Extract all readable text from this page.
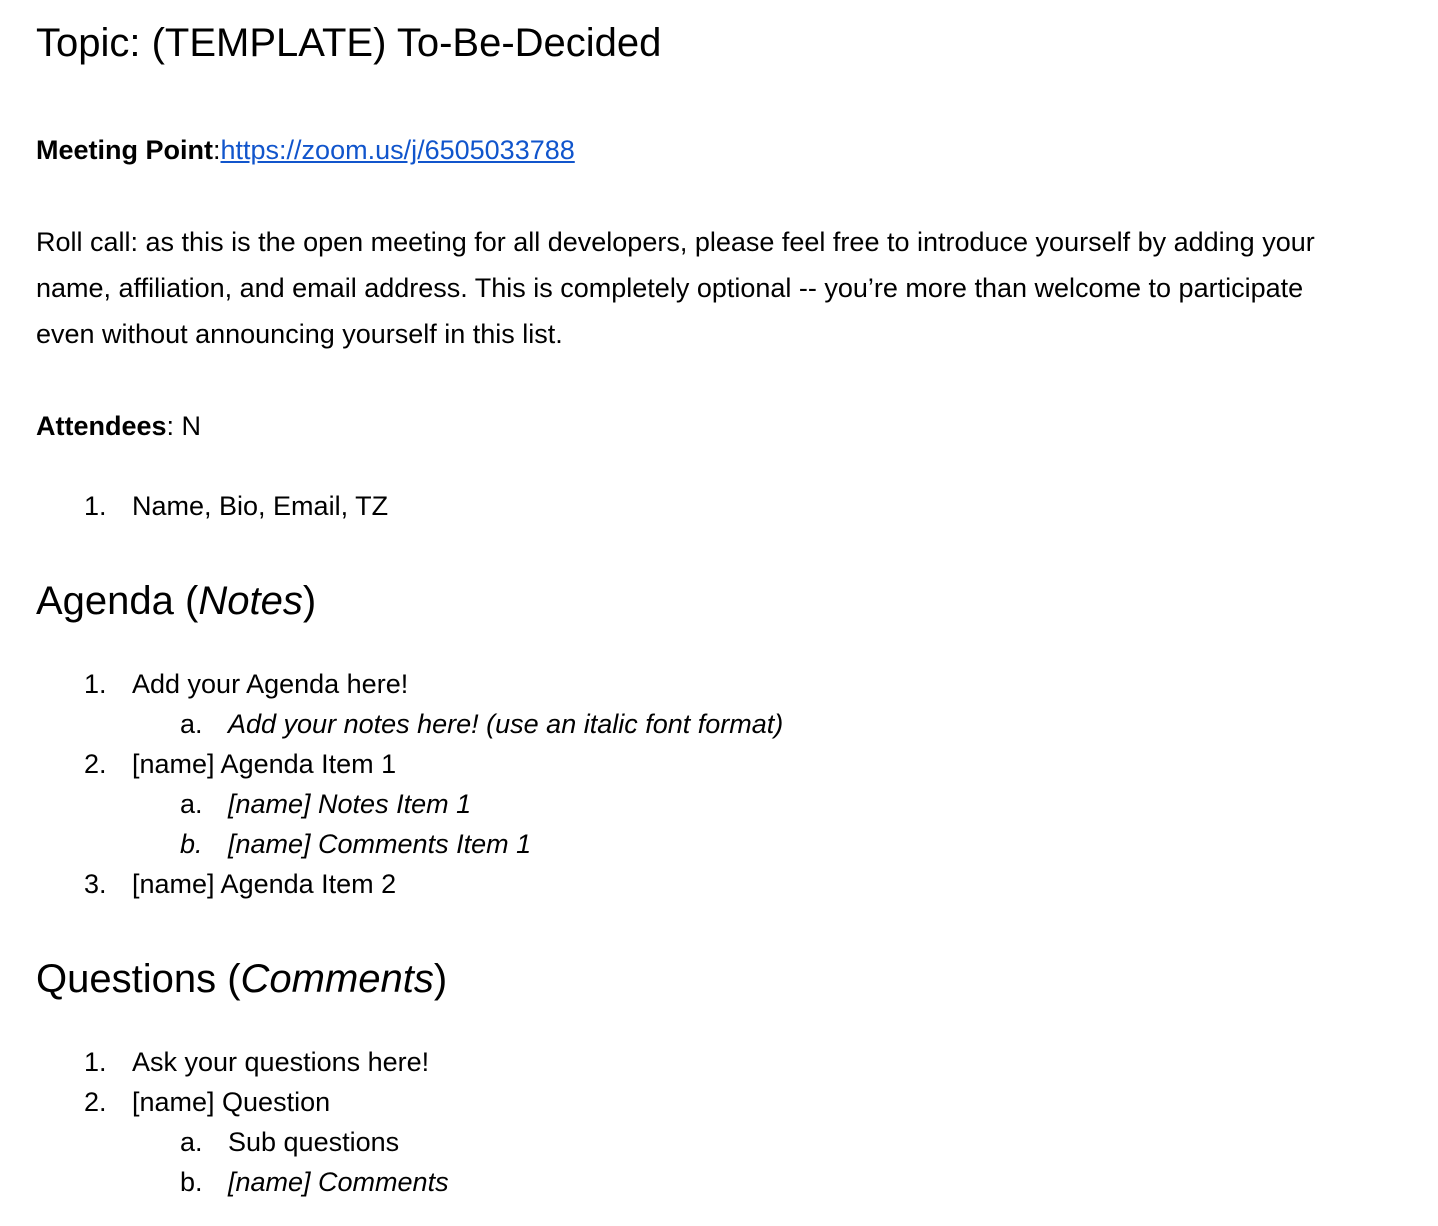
Topic: (TEMPLATE) To-Be-Decided

Meeting Point:https://zoom.us/j/6505033788

Roll call: as this is the open meeting for all developers, please feel free to introduce yourself by adding your name, affiliation, and email address. This is completely optional -- you’re more than welcome to participate even without announcing yourself in this list.

Attendees: N

1. Name, Bio, Email, TZ
Agenda (Notes)
1. Add your Agenda here!
a. Add your notes here! (use an italic font format)
2. [name] Agenda Item 1
a. [name] Notes Item 1
b. [name] Comments Item 1
3. [name] Agenda Item 2
Questions (Comments)
1. Ask your questions here!
2. [name] Question
a. Sub questions
b. [name] Comments
